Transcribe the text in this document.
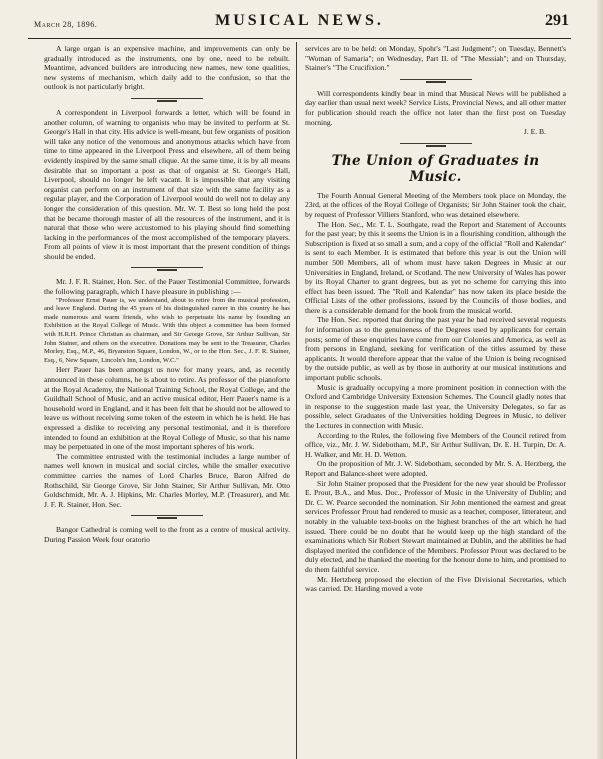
March 28, 1896.	MUSICAL NEWS.	291

A large organ is an expensive machine, and improvements can only be gradually introduced as the instruments, one by one, need to be rebuilt. Meantime, advanced builders are introducing new names, new tone qualities, new systems of mechanism, which daily add to the confusion, so that the outlook is not particularly bright.

A correspondent in Liverpool forwards a letter, which will be found in another column, of warning to organists who may be invited to perform at St. George's Hall in that city. His advice is well-meant, but few organists of position will take any notice of the venomous and anonymous attacks which have from time to time appeared in the Liverpool Press and elsewhere, all of them being evidently inspired by the same small clique. At the same time, it is by all means desirable that so important a post as that of organist at St. George's Hall, Liverpool, should no longer be left vacant. It is impossible that any visiting organist can perform on an instrument of that size with the same facility as a regular player, and the Corporation of Liverpool would do well not to delay any longer the consideration of this question. Mr. W. T. Best so long held the post that he became thorough master of all the resources of the instrument, and it is natural that those who were accustomed to his playing should find something lacking in the performances of the most accomplished of the temporary players. From all points of view it is most important that the present condition of things should be ended.

Mr. J. F. R. Stainer, Hon. Sec. of the Pauer Testimonial Committee, forwards the following paragraph, which I have pleasure in publishing :—

"Professor Ernst Pauer is, we understand, about to retire from the musical profession, and leave England. During the 45 years of his distinguished career in this country he has made numerous and warm friends, who wish to perpetuate his name by founding an Exhibition at the Royal College of Music. With this object a committee has been formed with H.R.H. Prince Christian as chairman, and Sir George Grove, Sir Arthur Sullivan, Sir John Stainer, and others on the executive. Donations may be sent to the Treasurer, Charles Morley, Esq., M.P., 46, Bryanston Square, London, W., or to the Hon. Sec., J. F. R. Stainer, Esq., 6, New Square, Lincoln's Inn, London, W.C."

Herr Pauer has been amongst us now for many years, and, as recently announced in these columns, he is about to retire. As professor of the pianoforte at the Royal Academy, the National Training School, the Royal College, and the Guildhall School of Music, and an active musical editor, Herr Pauer's name is a household word in England, and it has been felt that he should not be allowed to leave us without receiving some token of the esteem in which he is held. He has expressed a dislike to receiving any personal testimonial, and it is therefore intended to found an exhibition at the Royal College of Music, so that his name may be perpetuated in one of the most important spheres of his work.

The committee entrusted with the testimonial includes a large number of names well known in musical and social circles, while the smaller executive committee carries the names of Lord Charles Bruce, Baron Alfred de Rothschild, Sir George Grove, Sir John Stainer, Sir Arthur Sullivan, Mr. Otto Goldschmidt, Mr. A. J. Hipkins, Mr. Charles Morley, M.P. (Treasurer), and Mr. J. F. R. Stainer, Hon. Sec.

Bangor Cathedral is coming well to the front as a centre of musical activity. During Passion Week four oratorio

services are to be held: on Monday, Spohr's "Last Judgment"; on Tuesday, Bennett's "Woman of Samaria"; on Wednesday, Part II. of "The Messiah"; and on Thursday, Stainer's "The Crucifixion."

Will correspondents kindly bear in mind that Musical News will be published a day earlier than usual next week? Service Lists, Provincial News, and all other matter for publication should reach the office not later than the first post on Tuesday morning.

J. E. B.

The Union of Graduates in Music.

The Fourth Annual General Meeting of the Members took place on Monday, the 23rd, at the offices of the Royal College of Organists; Sir John Stainer took the chair, by request of Professor Villiers Stanford, who was detained elsewhere.

The Hon. Sec., Mr. T. L. Southgate, read the Report and Statement of Accounts for the past year; by this it seems the Union is in a flourishing condition, although the Subscription is fixed at so small a sum, and a copy of the official "Roll and Kalendar" is sent to each Member. It is estimated that before this year is out the Union will number 500 Members, all of whom must have taken Degrees in Music at our Universities in England, Ireland, or Scotland. The new University of Wales has power by its Royal Charter to grant degrees, but as yet no scheme for carrying this into effect has been issued. The "Roll and Kalendar" has now taken its place beside the Official Lists of the other professions, issued by the Councils of those bodies, and there is a considerable demand for the book from the musical world.

The Hon. Sec. reported that during the past year he had received several requests for information as to the genuineness of the Degrees used by applicants for certain posts; some of these enquiries have come from our Colonies and America, as well as from persons in England, seeking for verification of the titles assumed by these applicants. It would therefore appear that the value of the Union is being recognised by the outside public, as well as by those in authority at our musical institutions and important public schools.

Music is gradually occupying a more prominent position in connection with the Oxford and Cambridge University Extension Schemes. The Council gladly notes that in response to the suggestion made last year, the University Delegates, so far as possible, select Graduates of the Universities holding Degrees in Music, to deliver the Lectures in connection with Music.

According to the Rules, the following five Members of the Council retired from office, viz., Mr. J. W. Sidebotham, M.P., Sir Arthur Sullivan, Dr. E. H. Turpin, Dr. A. H. Walker, and Mr. H. D. Wetton.

On the proposition of Mr. J. W. Sidebotham, seconded by Mr. S. A. Herzberg, the Report and Balance-sheet were adopted.

Sir John Stainer proposed that the President for the new year should be Professor E. Prout, B.A., and Mus. Doc., Professor of Music in the University of Dublin; and Dr. C. W. Pearce seconded the nomination. Sir John mentioned the earnest and great services Professor Prout had rendered to music as a teacher, composer, litterateur, and notably in the valuable text-books on the highest branches of the art which he had issued. There could be no doubt that he would keep up the high standard of the examinations which Sir Robert Stewart maintained at Dublin, and the abilities he had displayed merited the confidence of the Members. Professor Prout was declared to be duly elected, and he thanked the meeting for the honour done to him, and promised to do them faithful service.

Mr. Hertzberg proposed the election of the Five Divisional Secretaries, which was carried. Dr. Harding moved a vote
